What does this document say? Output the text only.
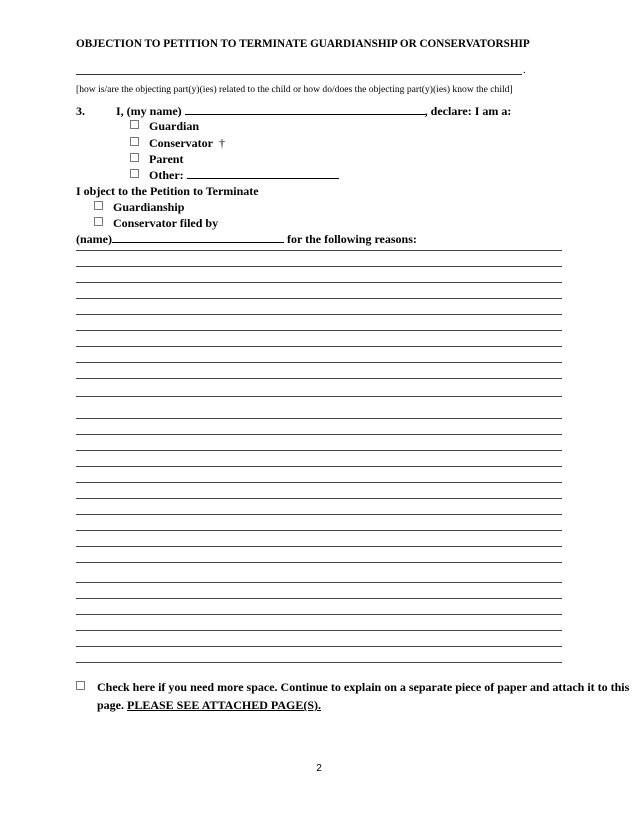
OBJECTION TO PETITION TO TERMINATE GUARDIANSHIP OR CONSERVATORSHIP
.
[how is/are the objecting part(y)(ies) related to the child or how do/does the objecting part(y)(ies) know the child]
3.	I, (my name)	, declare: I am a:
Guardian
Conservator †
Parent
Other:
I object to the Petition to Terminate
Guardianship
Conservator filed by
(name)	for the following reasons:
Check here if you need more space. Continue to explain on a separate piece of paper and attach it to this page. PLEASE SEE ATTACHED PAGE(S).
2
